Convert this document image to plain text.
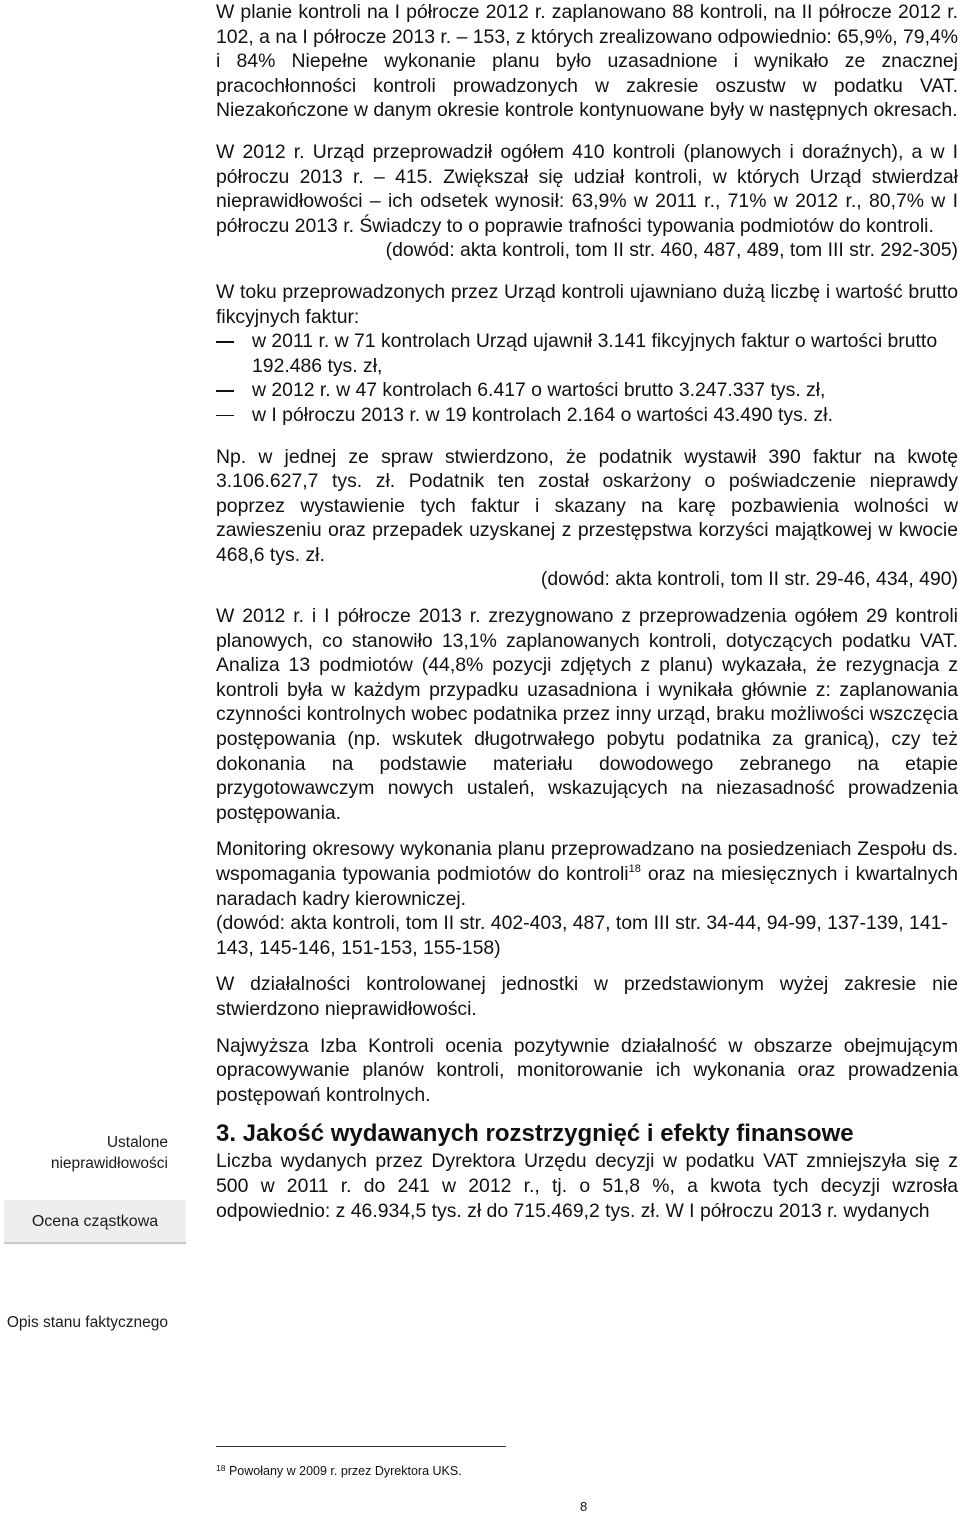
W planie kontroli na I półrocze 2012 r. zaplanowano 88 kontroli, na II półrocze 2012 r. 102, a na I półrocze 2013 r. – 153, z których zrealizowano odpowiednio: 65,9%, 79,4% i 84% Niepełne wykonanie planu było uzasadnione i wynikało ze znacznej pracochłonności kontroli prowadzonych w zakresie oszustw w podatku VAT. Niezakończone w danym okresie kontrole kontynuowane były w następnych okresach.

W 2012 r. Urząd przeprowadził ogółem 410 kontroli (planowych i doraźnych), a w I półroczu 2013 r. – 415. Zwiększał się udział kontroli, w których Urząd stwierdzał nieprawidłowości – ich odsetek wynosił: 63,9% w 2011 r., 71% w 2012 r., 80,7% w I półroczu 2013 r. Świadczy to o poprawie trafności typowania podmiotów do kontroli.

(dowód: akta kontroli, tom II str. 460, 487, 489, tom III str. 292-305)

W toku przeprowadzonych przez Urząd kontroli ujawniano dużą liczbę i wartość brutto fikcyjnych faktur:

w 2011 r. w 71 kontrolach Urząd ujawnił 3.141 fikcyjnych faktur o wartości brutto 192.486 tys. zł,
w 2012 r. w 47 kontrolach 6.417 o wartości brutto 3.247.337 tys. zł,
w I półroczu 2013 r. w 19 kontrolach 2.164 o wartości 43.490 tys. zł.

Np. w jednej ze spraw stwierdzono, że podatnik wystawił 390 faktur na kwotę 3.106.627,7 tys. zł. Podatnik ten został oskarżony o poświadczenie nieprawdy poprzez wystawienie tych faktur i skazany na karę pozbawienia wolności w zawieszeniu oraz przepadek uzyskanej z przestępstwa korzyści majątkowej w kwocie 468,6 tys. zł.

(dowód: akta kontroli, tom II str. 29-46, 434, 490)

W 2012 r. i I półrocze 2013 r. zrezygnowano z przeprowadzenia ogółem 29 kontroli planowych, co stanowiło 13,1% zaplanowanych kontroli, dotyczących podatku VAT. Analiza 13 podmiotów (44,8% pozycji zdjętych z planu) wykazała, że rezygnacja z kontroli była w każdym przypadku uzasadniona i wynikała głównie z: zaplanowania czynności kontrolnych wobec podatnika przez inny urząd, braku możliwości wszczęcia postępowania (np. wskutek długotrwałego pobytu podatnika za granicą), czy też dokonania na podstawie materiału dowodowego zebranego na etapie przygotowawczym nowych ustaleń, wskazujących na niezasadność prowadzenia postępowania.

Monitoring okresowy wykonania planu przeprowadzano na posiedzeniach Zespołu ds. wspomagania typowania podmiotów do kontroli$^{18}$ oraz na miesięcznych i kwartalnych naradach kadry kierowniczej.

(dowód: akta kontroli, tom II str. 402-403, 487, tom III str. 34-44, 94-99, 137-139, 141-143, 145-146, 151-153, 155-158)

W działalności kontrolowanej jednostki w przedstawionym wyżej zakresie nie stwierdzono nieprawidłowości.

Najwyższa Izba Kontroli ocenia pozytywnie działalność w obszarze obejmującym opracowywanie planów kontroli, monitorowanie ich wykonania oraz prowadzenia postępowań kontrolnych.

3. Jakość wydawanych rozstrzygnięć i efekty finansowe

Liczba wydanych przez Dyrektora Urzędu decyzji w podatku VAT zmniejszyła się z 500 w 2011 r. do 241 w 2012 r., tj. o 51,8 %, a kwota tych decyzji wzrosła odpowiednio: z 46.934,5 tys. zł do 715.469,2 tys. zł. W I półroczu 2013 r. wydanych

Ustalone nieprawidłowości
Ocena cząstkowa
Opis stanu faktycznego
$^{18}$ Powołany w 2009 r. przez Dyrektora UKS.
8
